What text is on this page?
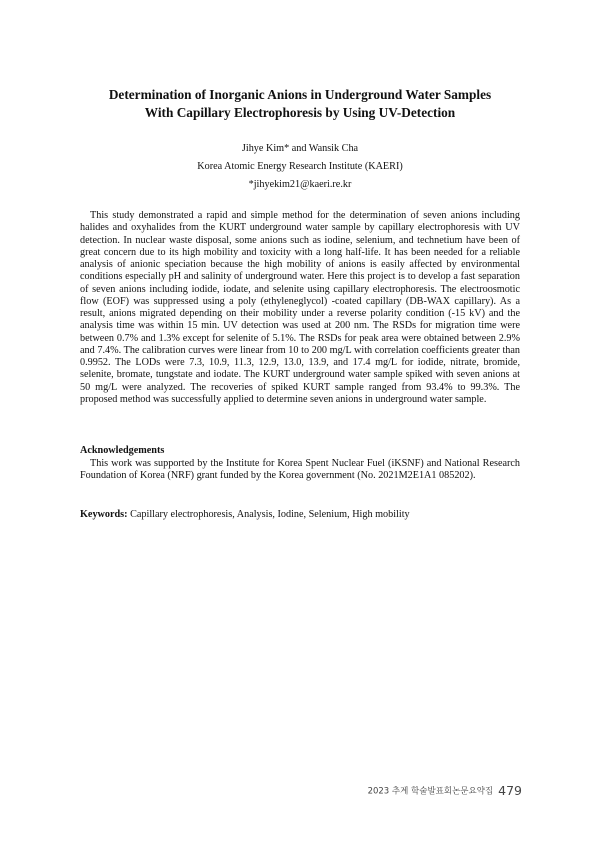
Determination of Inorganic Anions in Underground Water Samples
With Capillary Electrophoresis by Using UV-Detection
Jihye Kim* and Wansik Cha
Korea Atomic Energy Research Institute (KAERI)
*jihyekim21@kaeri.re.kr

This study demonstrated a rapid and simple method for the determination of seven anions including halides and oxyhalides from the KURT underground water sample by capillary electrophoresis with UV detection. In nuclear waste disposal, some anions such as iodine, selenium, and technetium have been of great concern due to its high mobility and toxicity with a long half-life. It has been needed for a reliable analysis of anionic speciation because the high mobility of anions is easily affected by environmental conditions especially pH and salinity of underground water. Here this project is to develop a fast separation of seven anions including iodide, iodate, and selenite using capillary electrophoresis. The electroosmotic flow (EOF) was suppressed using a poly (ethyleneglycol) -coated capillary (DB-WAX capillary). As a result, anions migrated depending on their mobility under a reverse polarity condition (-15 kV) and the analysis time was within 15 min. UV detection was used at 200 nm. The RSDs for migration time were between 0.7% and 1.3% except for selenite of 5.1%. The RSDs for peak area were obtained between 2.9% and 7.4%. The calibration curves were linear from 10 to 200 mg/L with correlation coefficients greater than 0.9952. The LODs were 7.3, 10.9, 11.3, 12.9, 13.0, 13.9, and 17.4 mg/L for iodide, nitrate, bromide, selenite, bromate, tungstate and iodate. The KURT underground water sample spiked with seven anions at 50 mg/L were analyzed. The recoveries of spiked KURT sample ranged from 93.4% to 99.3%. The proposed method was successfully applied to determine seven anions in underground water sample.

Acknowledgements

This work was supported by the Institute for Korea Spent Nuclear Fuel (iKSNF) and National Research Foundation of Korea (NRF) grant funded by the Korea government (No. 2021M2E1A1 085202).

Keywords: Capillary electrophoresis, Analysis, Iodine, Selenium, High mobility

2023 추계 학술발표회논문요약집 479
